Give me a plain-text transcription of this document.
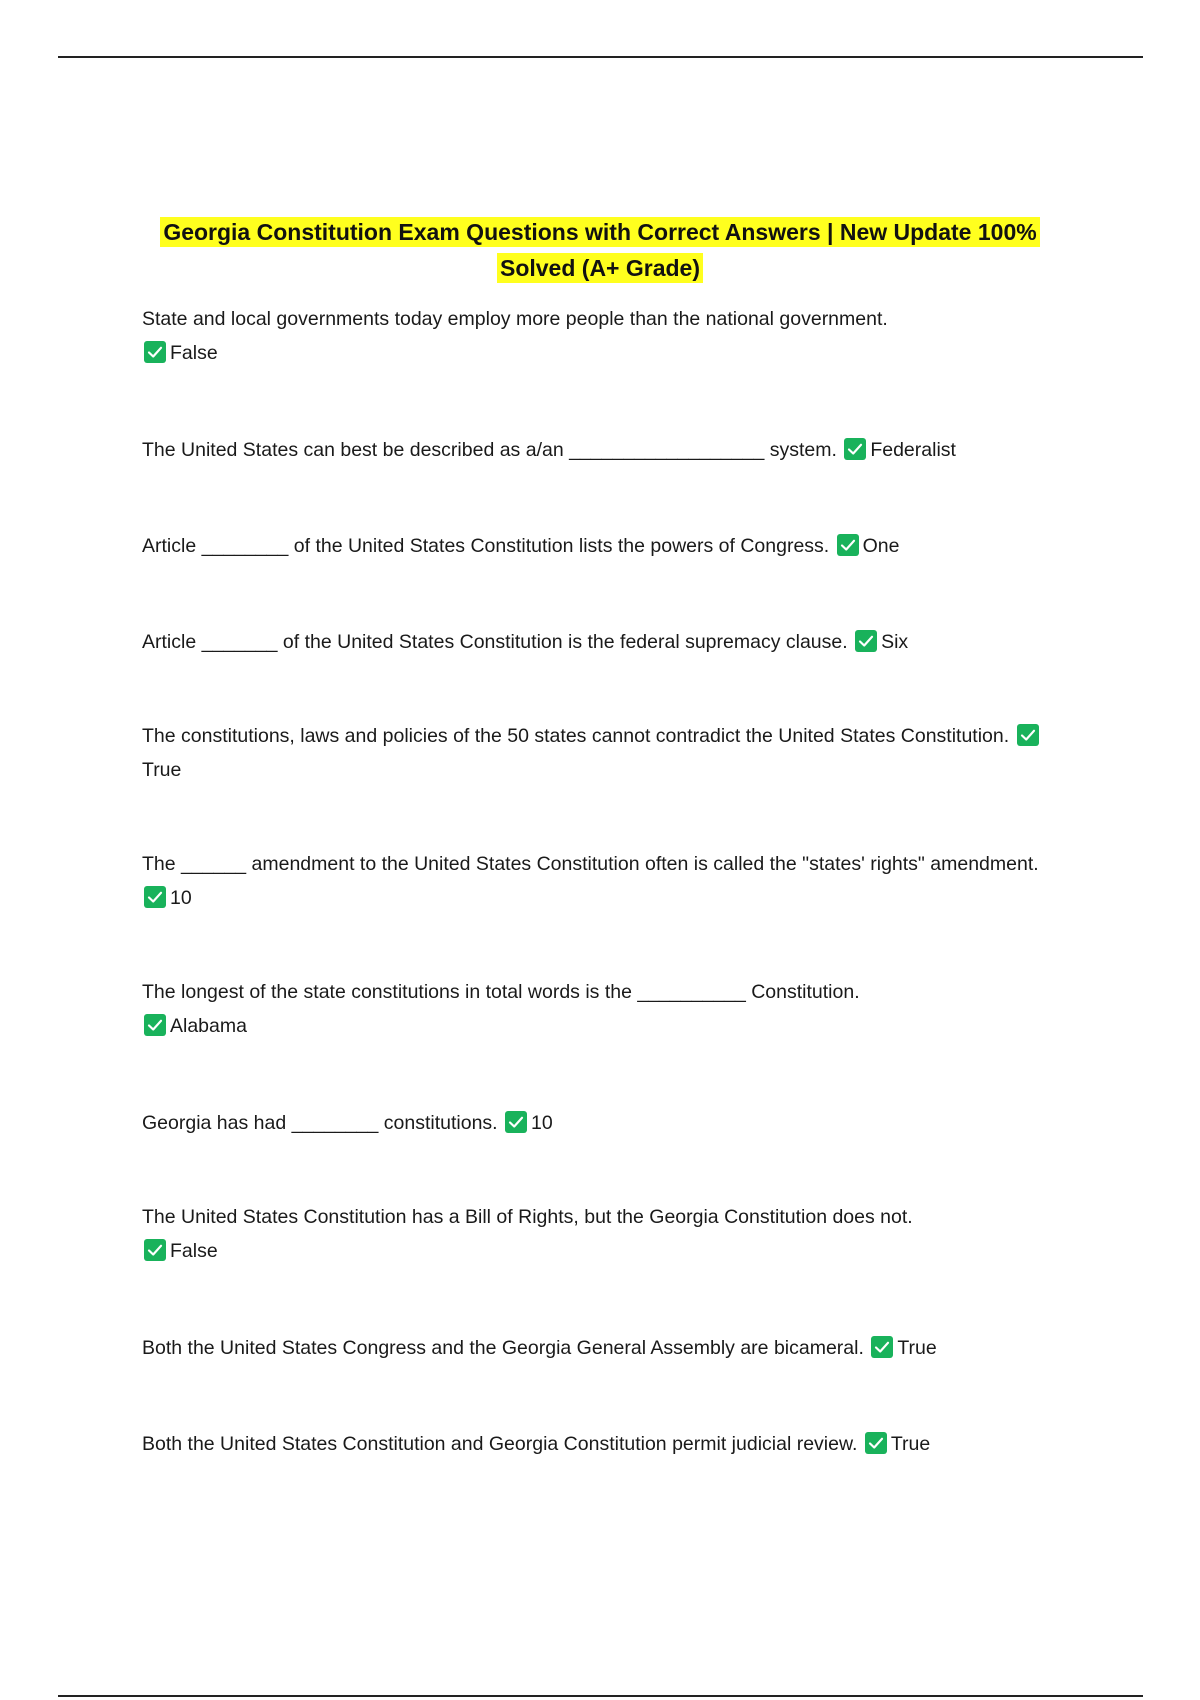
Georgia Constitution Exam Questions with Correct Answers | New Update 100%
Solved (A+ Grade)
State and local governments today employ more people than the national government.
False
The United States can best be described as a/an __________________ system. Federalist
Article ________ of the United States Constitution lists the powers of Congress. One
Article _______ of the United States Constitution is the federal supremacy clause. Six
The constitutions, laws and policies of the 50 states cannot contradict the United States Constitution.
True
The ______ amendment to the United States Constitution often is called the "states' rights" amendment.
10
The longest of the state constitutions in total words is the __________ Constitution.
Alabama
Georgia has had ________ constitutions. 10
The United States Constitution has a Bill of Rights, but the Georgia Constitution does not.
False
Both the United States Congress and the Georgia General Assembly are bicameral. True
Both the United States Constitution and Georgia Constitution permit judicial review. True
